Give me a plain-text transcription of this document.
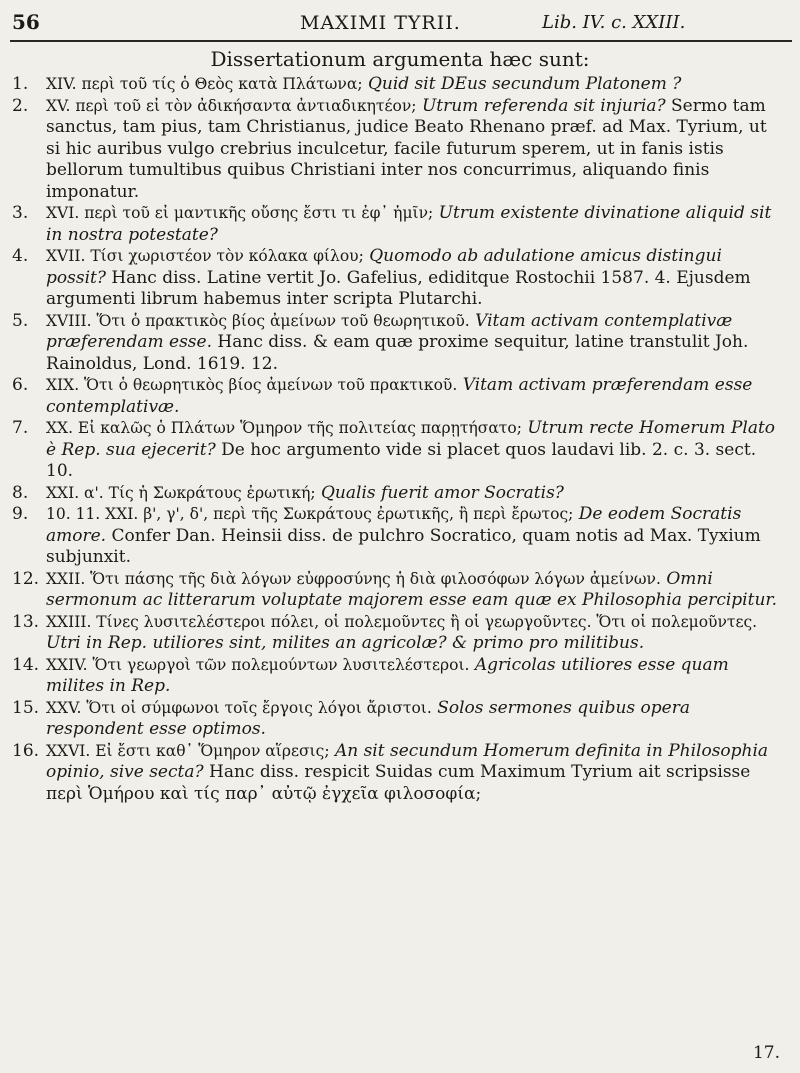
56	MAXIMI TYRII.	Lib. IV. c. XXIII.
Dissertationum argumenta hæc sunt:
1.	XIV. περὶ τοῦ τίς ὁ Θεὸς κατὰ Πλάτωνα; Quid sit DEus secundum Platonem ?
2.	XV. περὶ τοῦ εἰ τὸν ἀδικήσαντα ἀντιαδικητέον; Utrum referenda sit injuria? Sermo tam sanctus, tam pius, tam Christianus, judice Beato Rhenano præf. ad Max. Tyrium, ut si hic auribus vulgo crebrius inculcetur, facile futurum sperem, ut in fanis istis bellorum tumultibus quibus Christiani inter nos concurrimus, aliquando finis imponatur.
3.	XVI. περὶ τοῦ εἰ μαντικῆς οὔσης ἔστι τι ἐφ᾽ ἡμῖν; Utrum existente divinatione aliquid sit in nostra potestate?
4.	XVII. Τίσι χωριστέον τὸν κόλακα φίλου; Quomodo ab adulatione amicus distingui possit? Hanc diss. Latine vertit Jo. Gafelius, ediditque Rostochii 1587. 4. Ejusdem argumenti librum habemus inter scripta Plutarchi.
5.	XVIII. Ὅτι ὁ πρακτικὸς βίος ἀμείνων τοῦ θεωρητικοῦ. Vitam activam contemplativæ præferendam esse. Hanc diss. & eam quæ proxime sequitur, latine transtulit Joh. Rainoldus, Lond. 1619. 12.
6.	XIX. Ὅτι ὁ θεωρητικὸς βίος ἀμείνων τοῦ πρακτικοῦ. Vitam activam præferendam esse contemplativæ.
7.	XX. Εἰ καλῶς ὁ Πλάτων Ὅμηρον τῆς πολιτείας παρῃτήσατο; Utrum recte Homerum Plato è Rep. sua ejecerit? De hoc argumento vide si placet quos laudavi lib. 2. c. 3. sect. 10.
8.	XXI. α'. Τίς ἡ Σωκράτους ἐρωτική; Qualis fuerit amor Socratis?
9.	10. 11. XXI. β', γ', δ', περὶ τῆς Σωκράτους ἐρωτικῆς, ἢ περὶ ἔρωτος; De eodem Socratis amore. Confer Dan. Heinsii diss. de pulchro Socratico, quam notis ad Max. Tyxium subjunxit.
12. XXII. Ὅτι πάσης τῆς διὰ λόγων εὐφροσύνης ἡ διὰ φιλοσόφων λόγων ἀμείνων. Omni sermonum ac litterarum voluptate majorem esse eam quæ ex Philosophia percipitur.
13. XXIII. Τίνες λυσιτελέστεροι πόλει, οἱ πολεμοῦντες ἢ οἱ γεωργοῦντες. Ὅτι οἱ πολεμοῦντες. Utri in Rep. utiliores sint, milites an agricolæ? & primo pro militibus.
14. XXIV. Ὅτι γεωργοὶ τῶν πολεμούντων λυσιτελέστεροι. Agricolas utiliores esse quam milites in Rep.
15. XXV. Ὅτι οἱ σύμφωνοι τοῖς ἔργοις λόγοι ἄριστοι. Solos sermones quibus opera respondent esse optimos.
16. XXVI. Εἰ ἔστι καθ᾽ Ὅμηρον αἵρεσις; An sit secundum Homerum definita in Philosophia opinio, sive secta? Hanc diss. respicit Suidas cum Maximum Tyrium ait scripsisse περὶ Ὁμήρου καὶ τίς παρ᾽ αὐτῷ ἐγχεῖα φιλοσοφία;
17.
